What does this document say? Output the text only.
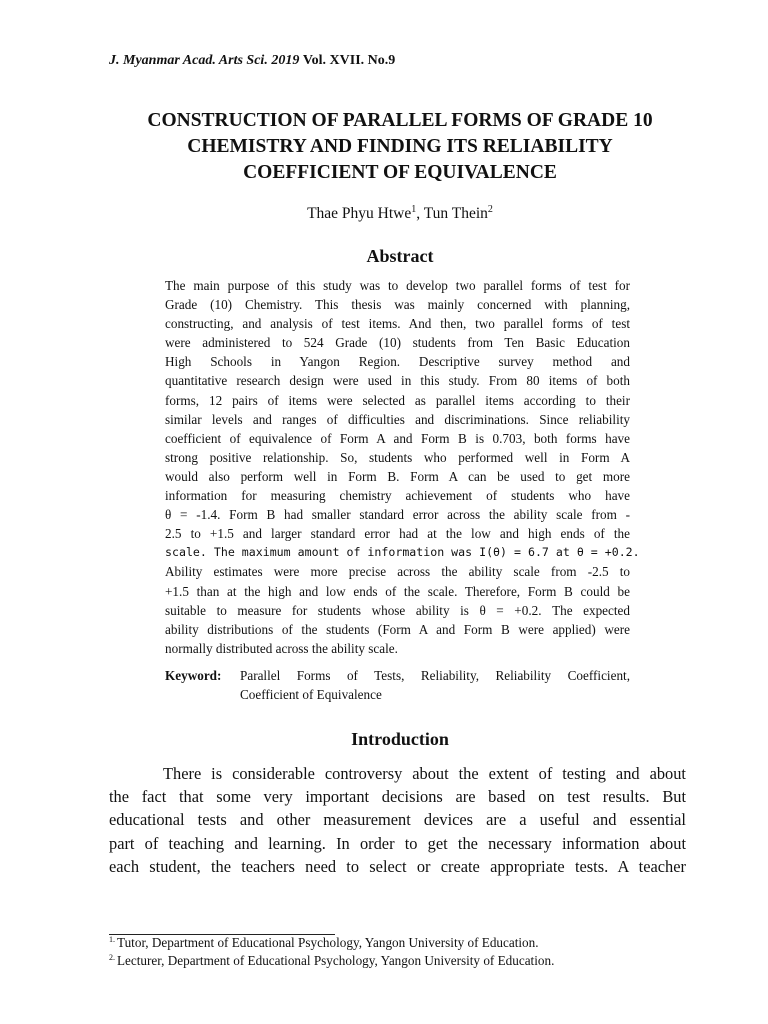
J. Myanmar Acad. Arts Sci. 2019 Vol. XVII. No.9
CONSTRUCTION OF PARALLEL FORMS OF GRADE 10
CHEMISTRY AND FINDING ITS RELIABILITY
COEFFICIENT OF EQUIVALENCE
Thae Phyu Htwe$^1$, Tun Thein$^2$
Abstract
The main purpose of this study was to develop two parallel forms of test for
Grade (10) Chemistry. This thesis was mainly concerned with planning,
constructing, and analysis of test items. And then, two parallel forms of test
were administered to 524 Grade (10) students from Ten Basic Education
High Schools in Yangon Region. Descriptive survey method and
quantitative research design were used in this study. From 80 items of both
forms, 12 pairs of items were selected as parallel items according to their
similar levels and ranges of difficulties and discriminations. Since reliability
coefficient of equivalence of Form A and Form B is 0.703, both forms have
strong positive relationship. So, students who performed well in Form A
would also perform well in Form B. Form A can be used to get more
information for measuring chemistry achievement of students who have
θ = -1.4. Form B had smaller standard error across the ability scale from -
2.5 to +1.5 and larger standard error had at the low and high ends of the
scale. The maximum amount of information was I(θ) = 6.7 at θ = +0.2.
Ability estimates were more precise across the ability scale from -2.5 to
+1.5 than at the high and low ends of the scale. Therefore, Form B could be
suitable to measure for students whose ability is θ = +0.2. The expected
ability distributions of the students (Form A and Form B were applied) were
normally distributed across the ability scale.
Keyword:	Parallel Forms of Tests, Reliability, Reliability Coefficient,
Coefficient of Equivalence
Introduction
There is considerable controversy about the extent of testing and about
the fact that some very important decisions are based on test results. But
educational tests and other measurement devices are a useful and essential
part of teaching and learning. In order to get the necessary information about
each student, the teachers need to select or create appropriate tests. A teacher
$^{1.}$ Tutor, Department of Educational Psychology, Yangon University of Education.
$^{2.}$ Lecturer, Department of Educational Psychology, Yangon University of Education.
